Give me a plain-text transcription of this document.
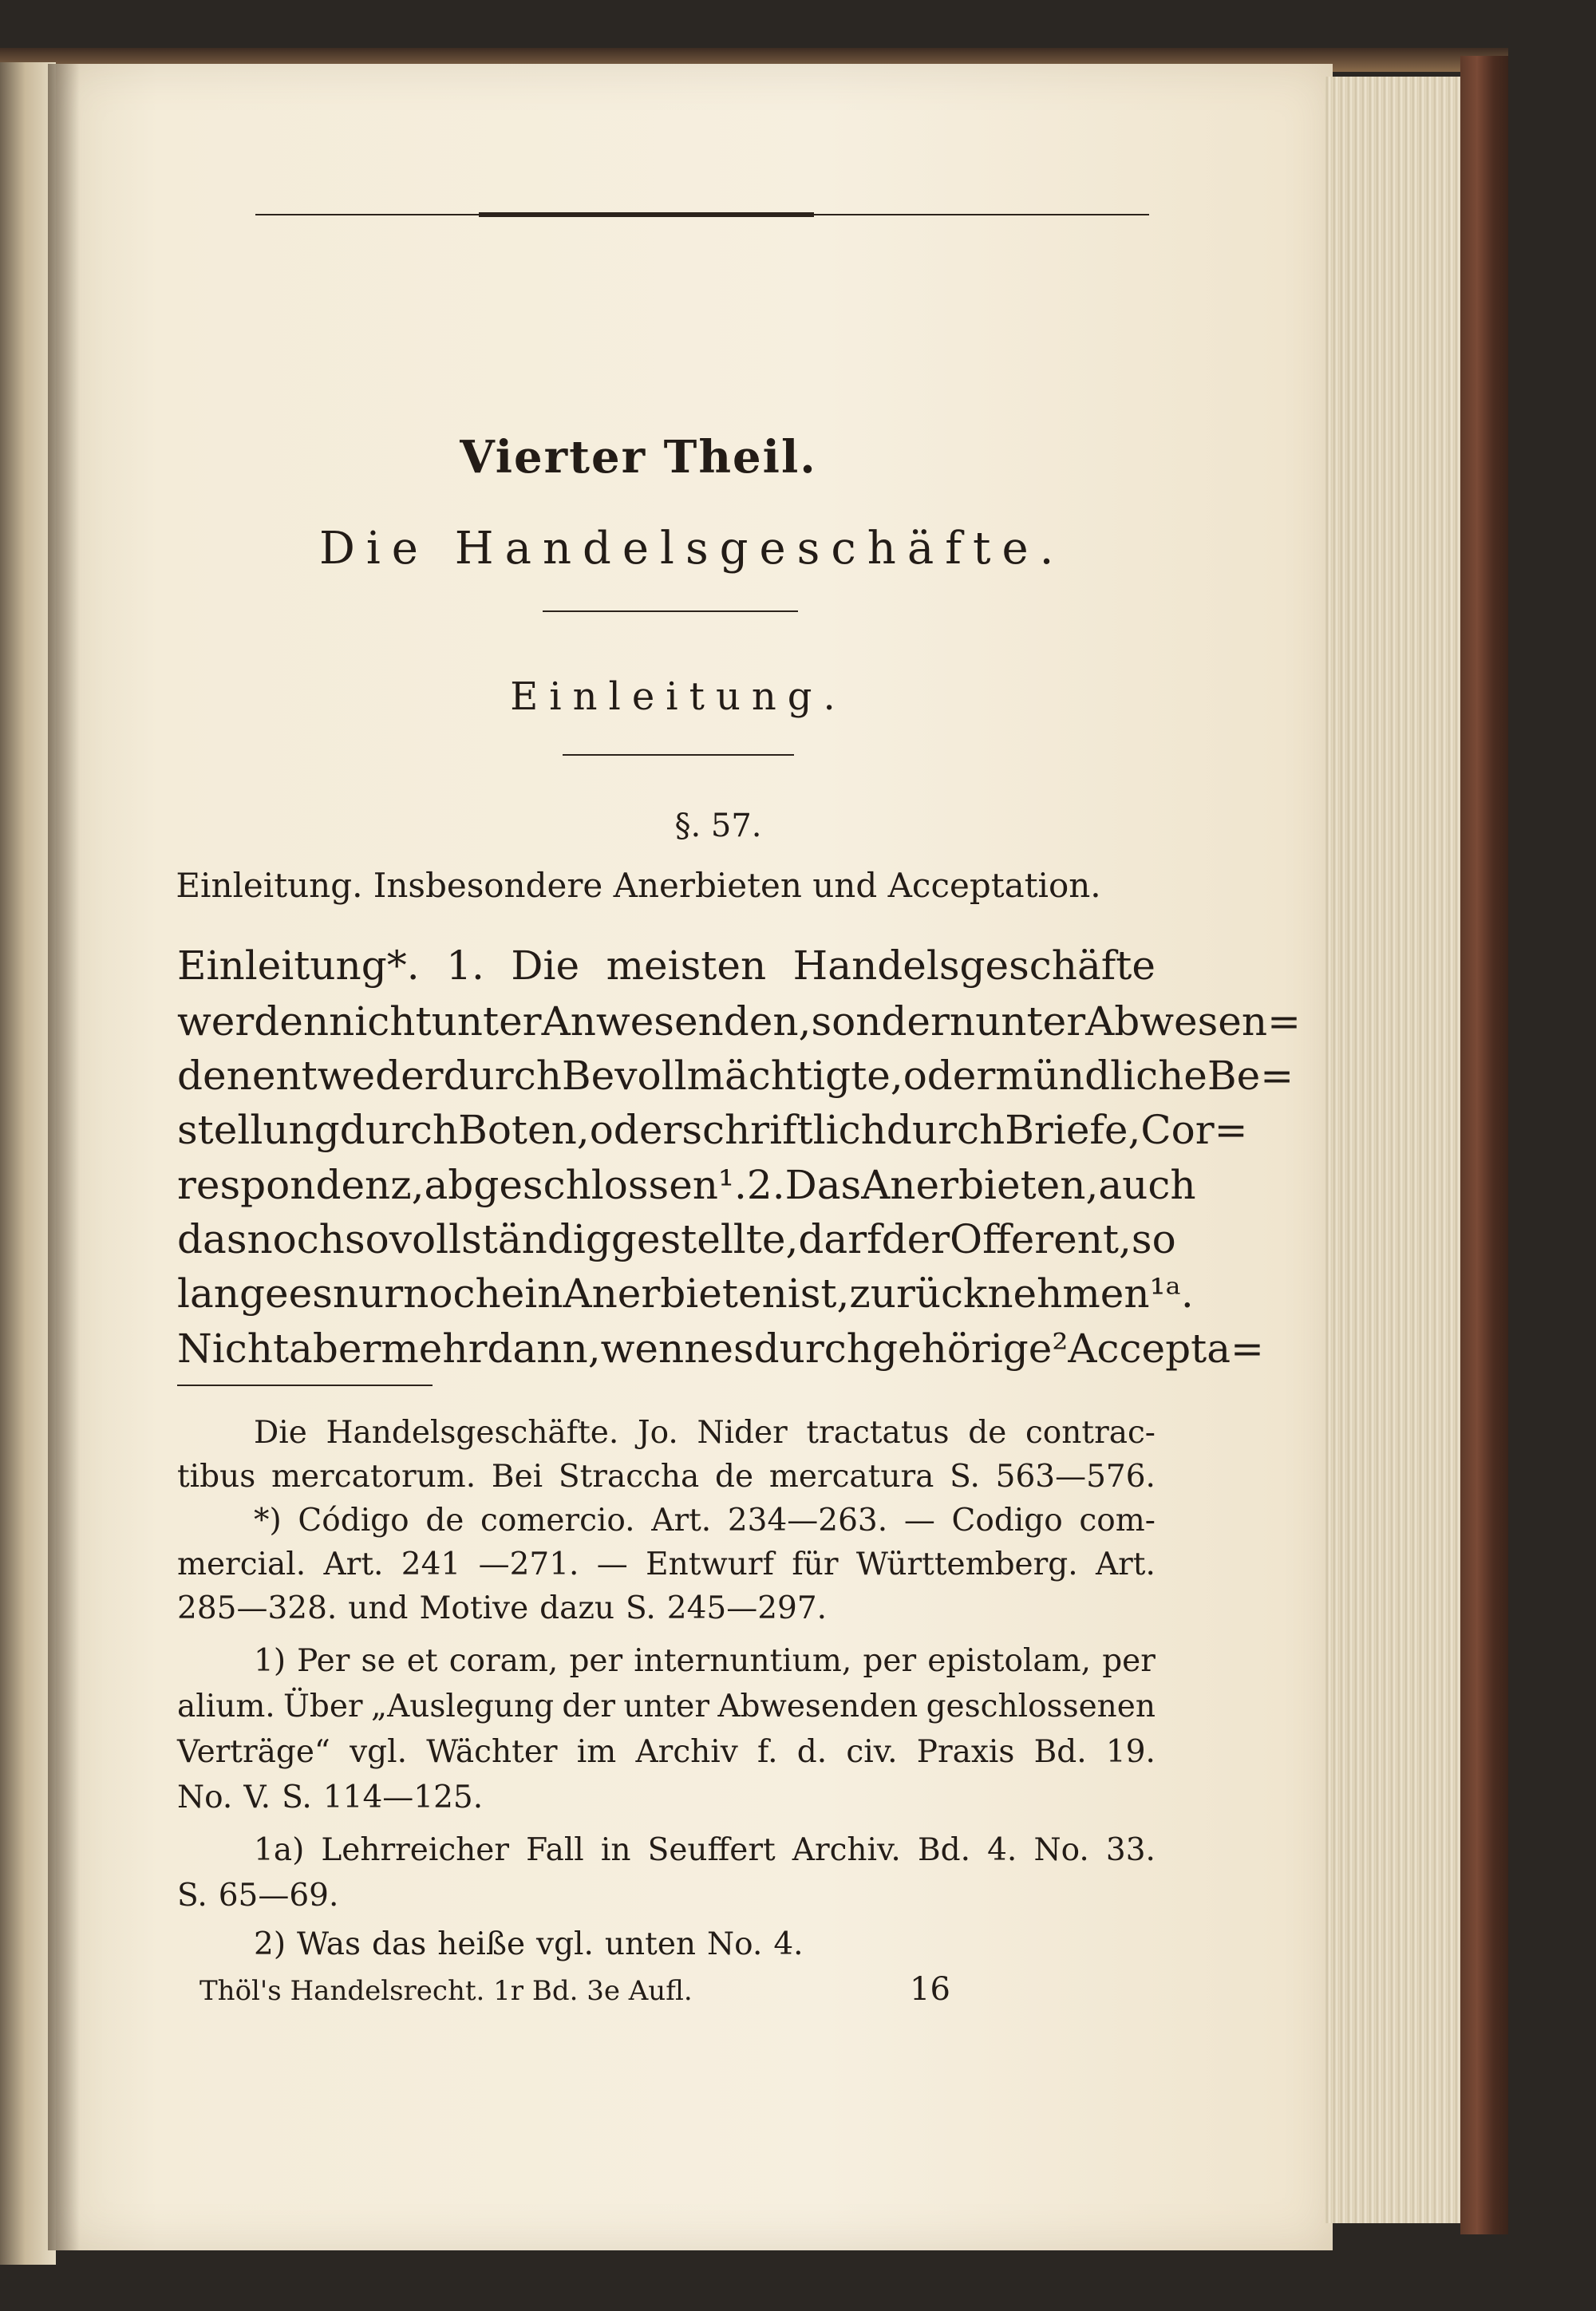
Vierter Theil.
Die Handelsgeschäfte.
Einleitung.
§. 57.
Einleitung. Insbesondere Anerbieten und Acceptation.
Einleitung*. 1. Die meisten Handelsgeschäfte
werden nicht unter Anwesenden, sondern unter Abwesen=
den entweder durch Bevollmächtigte, oder mündliche Be=
stellung durch Boten, oder schriftlich durch Briefe, Cor=
respondenz, abgeschlossen ¹. 2. Das Anerbieten, auch
das noch so vollständig gestellte, darf der Offerent, so
lange es nur noch ein Anerbieten ist, zurücknehmen ¹ᵃ.
Nicht aber mehr dann, wenn es durch gehörige ² Accepta=
Die Handelsgeschäfte. Jo. Nider tractatus de contrac-
tibus mercatorum. Bei Straccha de mercatura S. 563—576.
*) Código de comercio. Art. 234—263. — Codigo com-
mercial. Art. 241 —271. — Entwurf für Württemberg. Art.
285—328. und Motive dazu S. 245—297.
1) Per se et coram, per internuntium, per epistolam, per
alium. Über „Auslegung der unter Abwesenden geschlossenen
Verträge“ vgl. Wächter im Archiv f. d. civ. Praxis Bd. 19.
No. V. S. 114—125.
1a) Lehrreicher Fall in Seuffert Archiv. Bd. 4. No. 33.
S. 65—69.
2) Was das heiße vgl. unten No. 4.
Thöl's Handelsrecht. 1r Bd. 3e Aufl.	16
